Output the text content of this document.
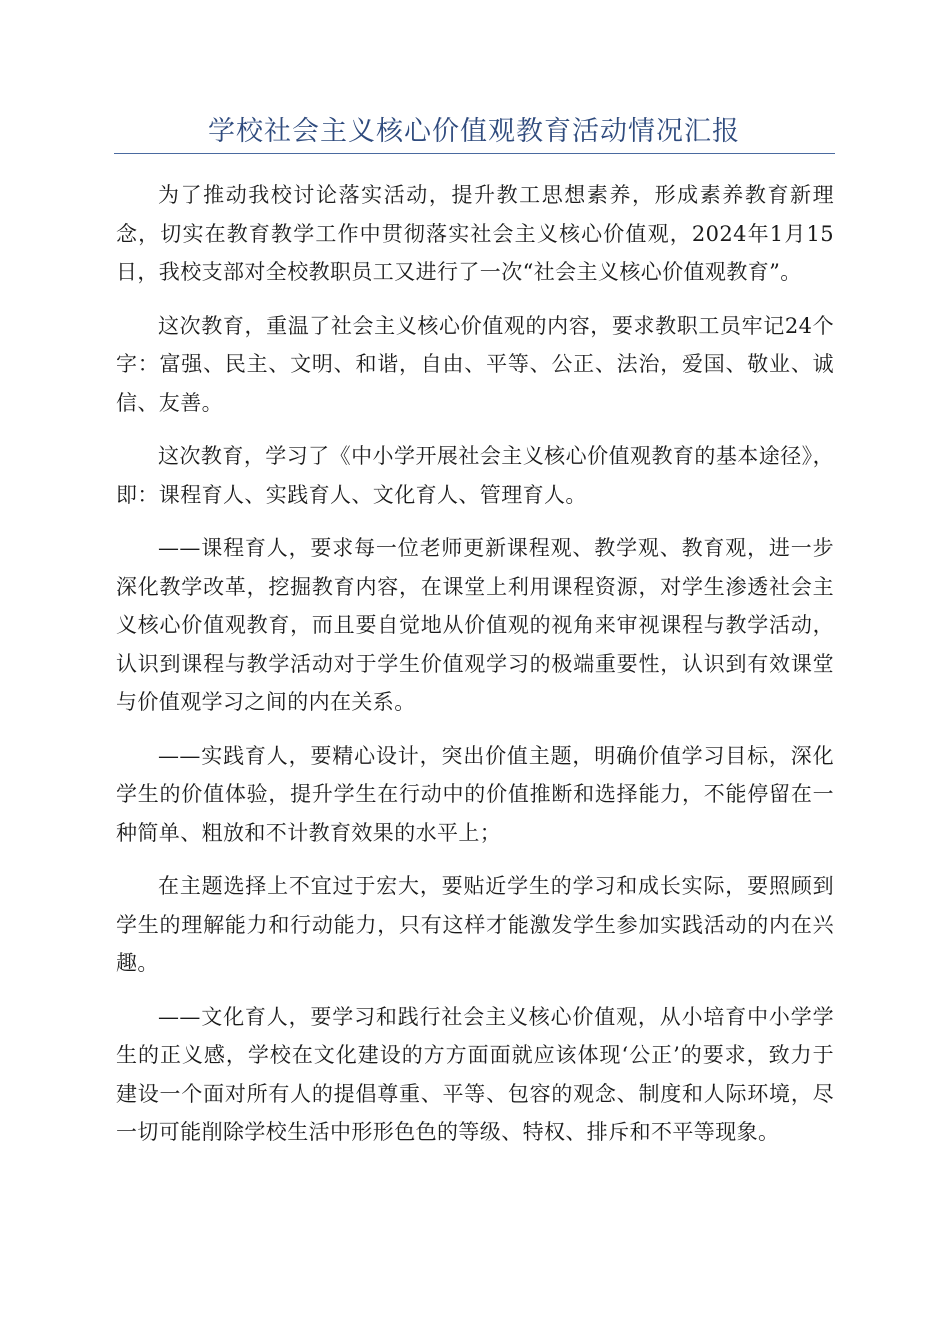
学校社会主义核心价值观教育活动情况汇报

为了推动我校讨论落实活动，提升教工思想素养，形成素养教育新理念，切实在教育教学工作中贯彻落实社会主义核心价值观，2024年1月15日，我校支部对全校教职员工又进行了一次“社会主义核心价值观教育”。

这次教育，重温了社会主义核心价值观的内容，要求教职工员牢记24个字：富强、民主、文明、和谐，自由、平等、公正、法治，爱国、敬业、诚信、友善。

这次教育，学习了《中小学开展社会主义核心价值观教育的基本途径》，即：课程育人、实践育人、文化育人、管理育人。

——课程育人，要求每一位老师更新课程观、教学观、教育观，进一步深化教学改革，挖掘教育内容，在课堂上利用课程资源，对学生渗透社会主义核心价值观教育，而且要自觉地从价值观的视角来审视课程与教学活动，认识到课程与教学活动对于学生价值观学习的极端重要性，认识到有效课堂与价值观学习之间的内在关系。

——实践育人，要精心设计，突出价值主题，明确价值学习目标，深化学生的价值体验，提升学生在行动中的价值推断和选择能力，不能停留在一种简单、粗放和不计教育效果的水平上；

在主题选择上不宜过于宏大，要贴近学生的学习和成长实际，要照顾到学生的理解能力和行动能力，只有这样才能激发学生参加实践活动的内在兴趣。

——文化育人，要学习和践行社会主义核心价值观，从小培育中小学学生的正义感，学校在文化建设的方方面面就应该体现‘公正’的要求，致力于建设一个面对所有人的提倡尊重、平等、包容的观念、制度和人际环境，尽一切可能削除学校生活中形形色色的等级、特权、排斥和不平等现象。
